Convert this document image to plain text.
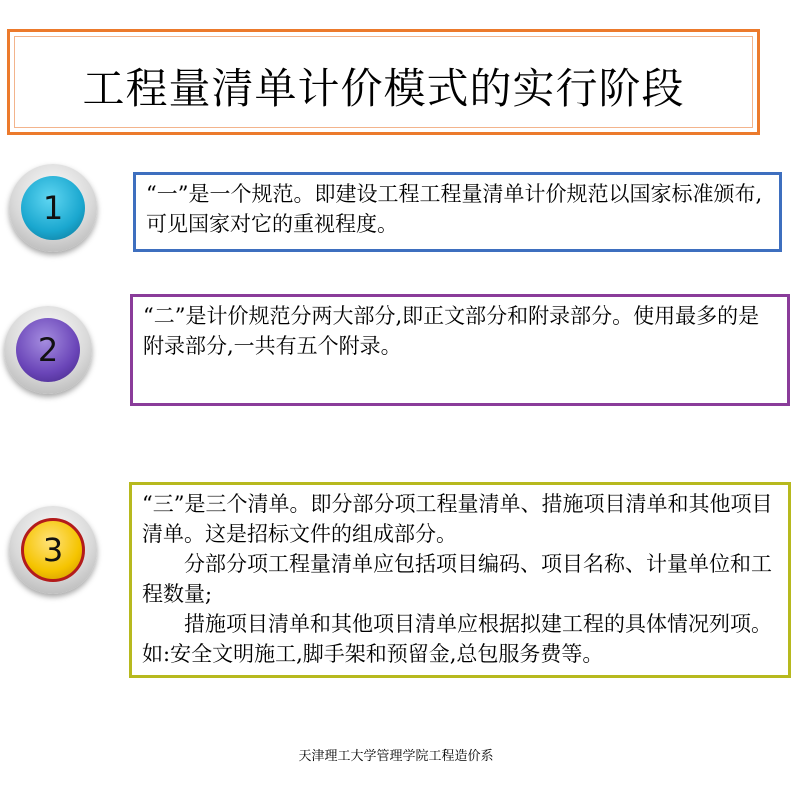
工程量清单计价模式的实行阶段
1	“一”是一个规范。即建设工程工程量清单计价规范以国家标准颁布,可见国家对它的重视程度。

2

“二”是计价规范分两大部分,即正文部分和附录部分。使用最多的是附录部分,一共有五个附录。

3

“三”是三个清单。即分部分项工程量清单、措施项目清单和其他项目清单。这是招标文件的组成部分。

分部分项工程量清单应包括项目编码、项目名称、计量单位和工程数量;

措施项目清单和其他项目清单应根据拟建工程的具体情况列项。如:安全文明施工,脚手架和预留金,总包服务费等。

天津理工大学管理学院工程造价系
